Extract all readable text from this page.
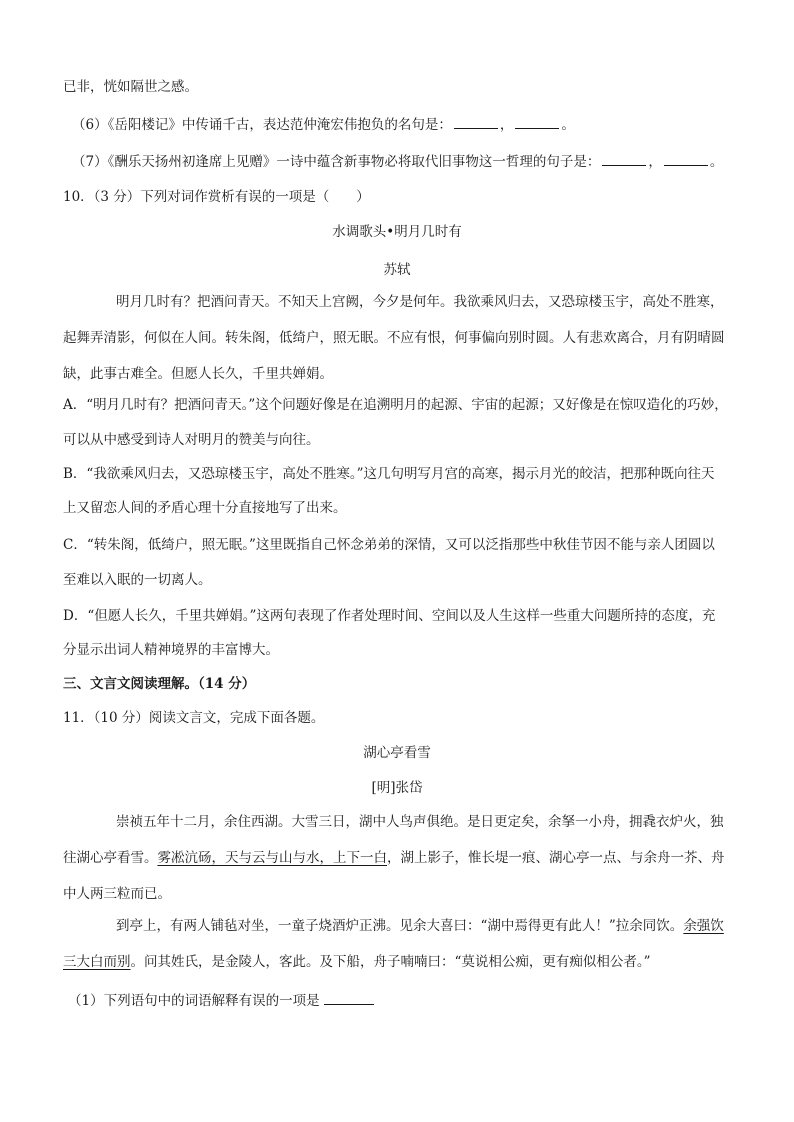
已非，恍如隔世之感。
（6）《岳阳楼记》中传诵千古，表达范仲淹宏伟抱负的名句是：	，	。
（7）《酬乐天扬州初逢席上见赠》一诗中蕴含新事物必将取代旧事物这一哲理的句子是：	，	。
10．（3 分）下列对词作赏析有误的一项是（　　）
水调歌头•明月几时有
苏轼
明月几时有？把酒问青天。不知天上宫阙，今夕是何年。我欲乘风归去，又恐琼楼玉宇，高处不胜寒，
起舞弄清影，何似在人间。转朱阁，低绮户，照无眠。不应有恨，何事偏向别时圆。人有悲欢离合，月有阴晴圆
缺，此事古难全。但愿人长久，千里共婵娟。
A．“明月几时有？把酒问青天。”这个问题好像是在追溯明月的起源、宇宙的起源；又好像是在惊叹造化的巧妙，
可以从中感受到诗人对明月的赞美与向往。
B．“我欲乘风归去，又恐琼楼玉宇，高处不胜寒。”这几句明写月宫的高寒，揭示月光的皎洁，把那种既向往天
上又留恋人间的矛盾心理十分直接地写了出来。
C．“转朱阁，低绮户，照无眠。”这里既指自己怀念弟弟的深情，又可以泛指那些中秋佳节因不能与亲人团圆以
至难以入眠的一切离人。
D．“但愿人长久，千里共婵娟。”这两句表现了作者处理时间、空间以及人生这样一些重大问题所持的态度，充
分显示出词人精神境界的丰富博大。
三、文言文阅读理解。（14 分）
11．（10 分）阅读文言文，完成下面各题。
湖心亭看雪
[明]张岱
崇祯五年十二月，余住西湖。大雪三日，湖中人鸟声俱绝。是日更定矣，余拏一小舟，拥毳衣炉火，独
往湖心亭看雪。雾凇沆砀，天与云与山与水，上下一白，湖上影子，惟长堤一痕、湖心亭一点、与余舟一芥、舟
中人两三粒而已。
到亭上，有两人铺毡对坐，一童子烧酒炉正沸。见余大喜曰：“湖中焉得更有此人！”拉余同饮。余强饮
三大白而别。问其姓氏，是金陵人，客此。及下船，舟子喃喃曰：“莫说相公痴，更有痴似相公者。”
（1）下列语句中的词语解释有误的一项是
